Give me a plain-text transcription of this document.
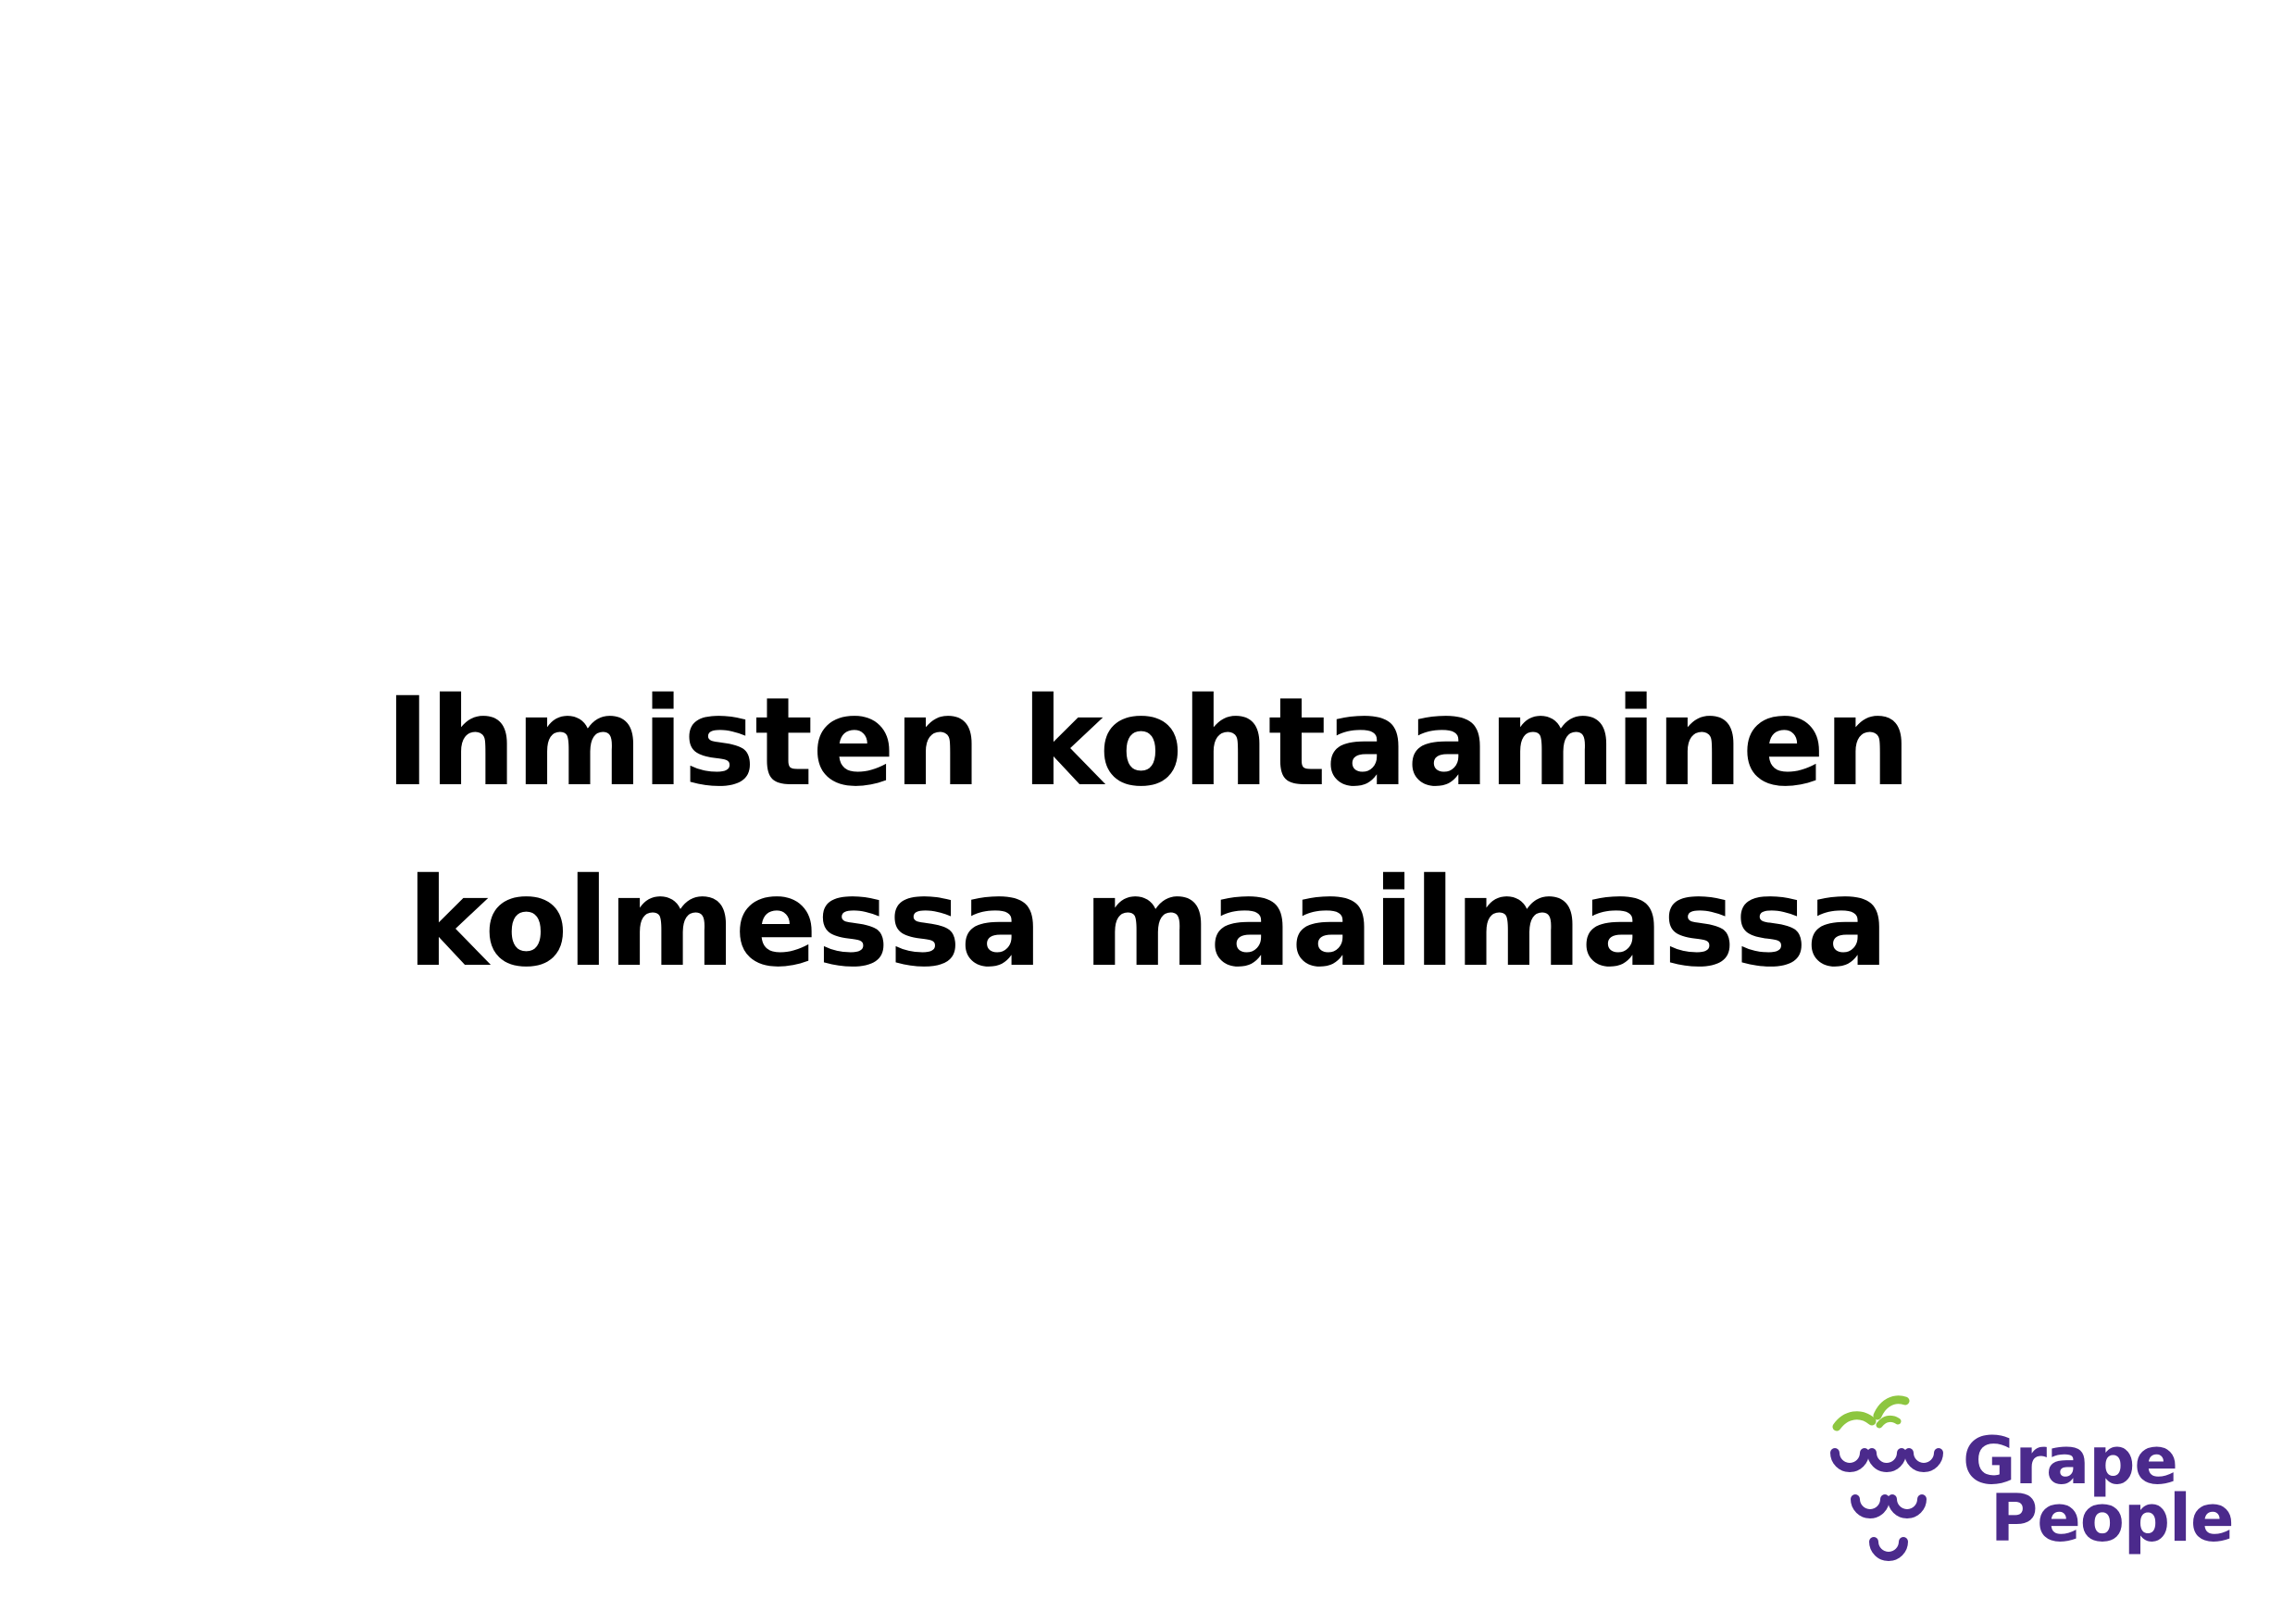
Ihmisten kohtaaminen
kolmessa maailmassa
Grape
People
